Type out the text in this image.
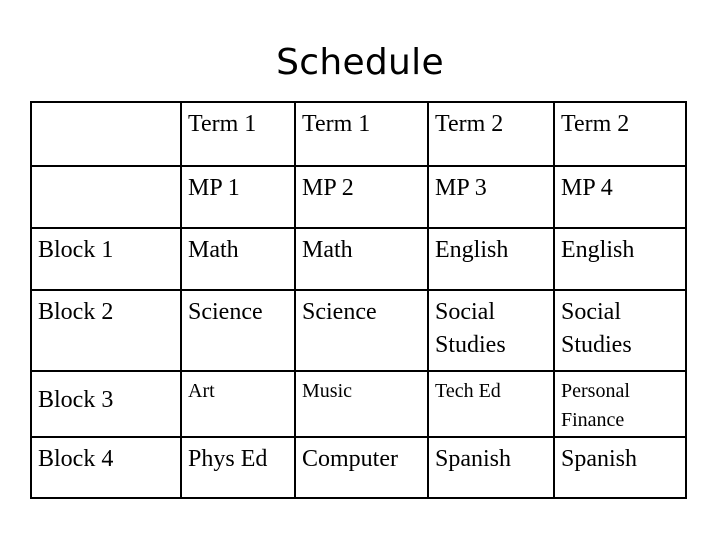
Schedule
	Term 1	Term 1	Term 2	Term 2
	MP 1	MP 2	MP 3	MP 4
Block 1	Math	Math	English	English
Block 2	Science	Science	Social Studies	Social Studies
Block 3	Art	Music	Tech Ed	Personal Finance
Block 4	Phys Ed	Computer	Spanish	Spanish
